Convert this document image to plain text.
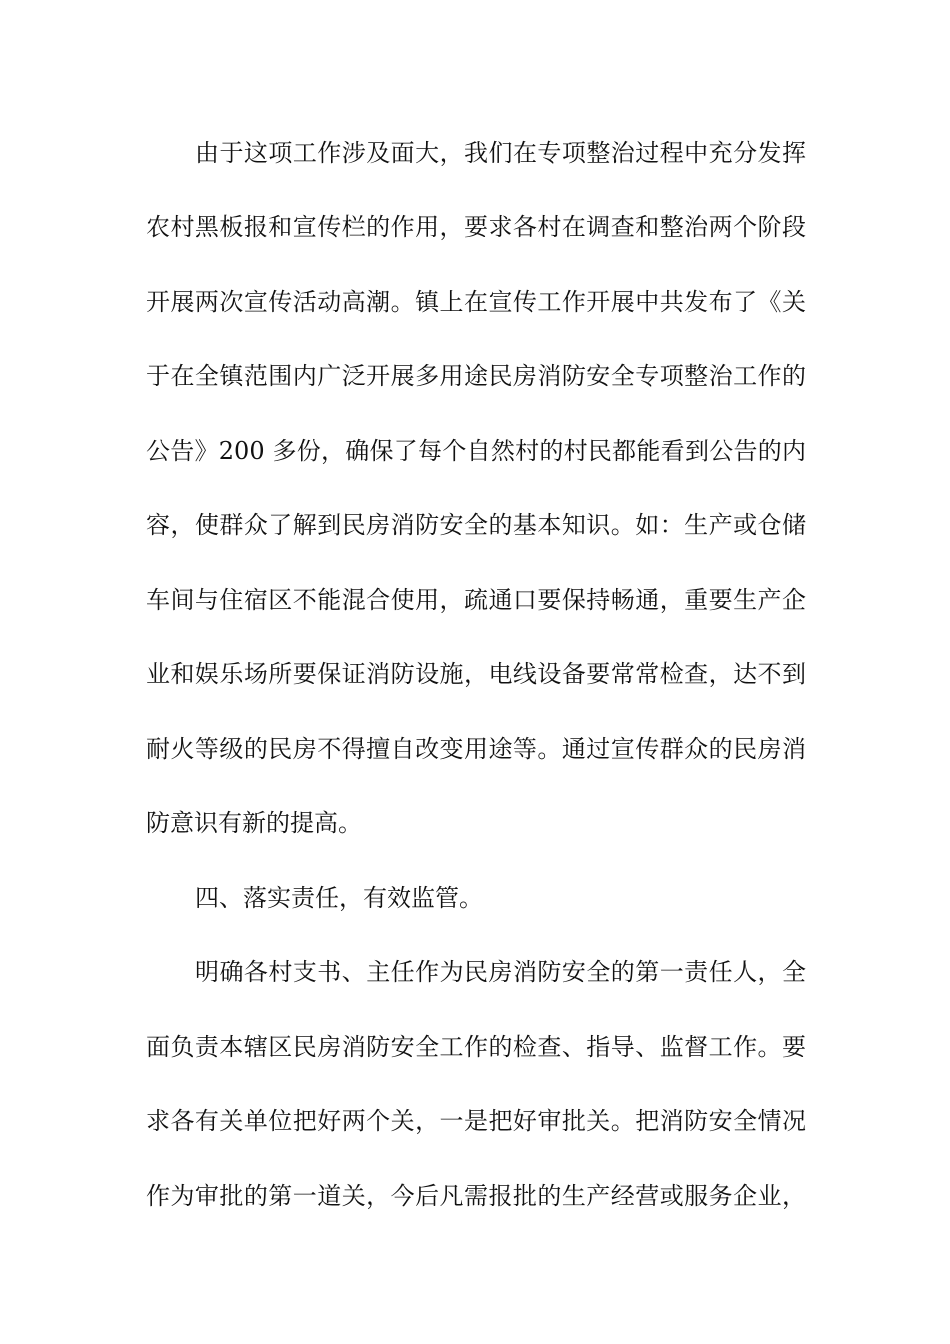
由于这项工作涉及面大，我们在专项整治过程中充分发挥
农村黑板报和宣传栏的作用，要求各村在调查和整治两个阶段
开展两次宣传活动高潮。镇上在宣传工作开展中共发布了《关
于在全镇范围内广泛开展多用途民房消防安全专项整治工作的
公告》200 多份，确保了每个自然村的村民都能看到公告的内
容，使群众了解到民房消防安全的基本知识。如：生产或仓储
车间与住宿区不能混合使用，疏通口要保持畅通，重要生产企
业和娱乐场所要保证消防设施，电线设备要常常检查，达不到
耐火等级的民房不得擅自改变用途等。通过宣传群众的民房消
防意识有新的提高。
四、落实责任，有效监管。
明确各村支书、主任作为民房消防安全的第一责任人，全
面负责本辖区民房消防安全工作的检查、指导、监督工作。要
求各有关单位把好两个关，一是把好审批关。把消防安全情况
作为审批的第一道关，今后凡需报批的生产经营或服务企业，
